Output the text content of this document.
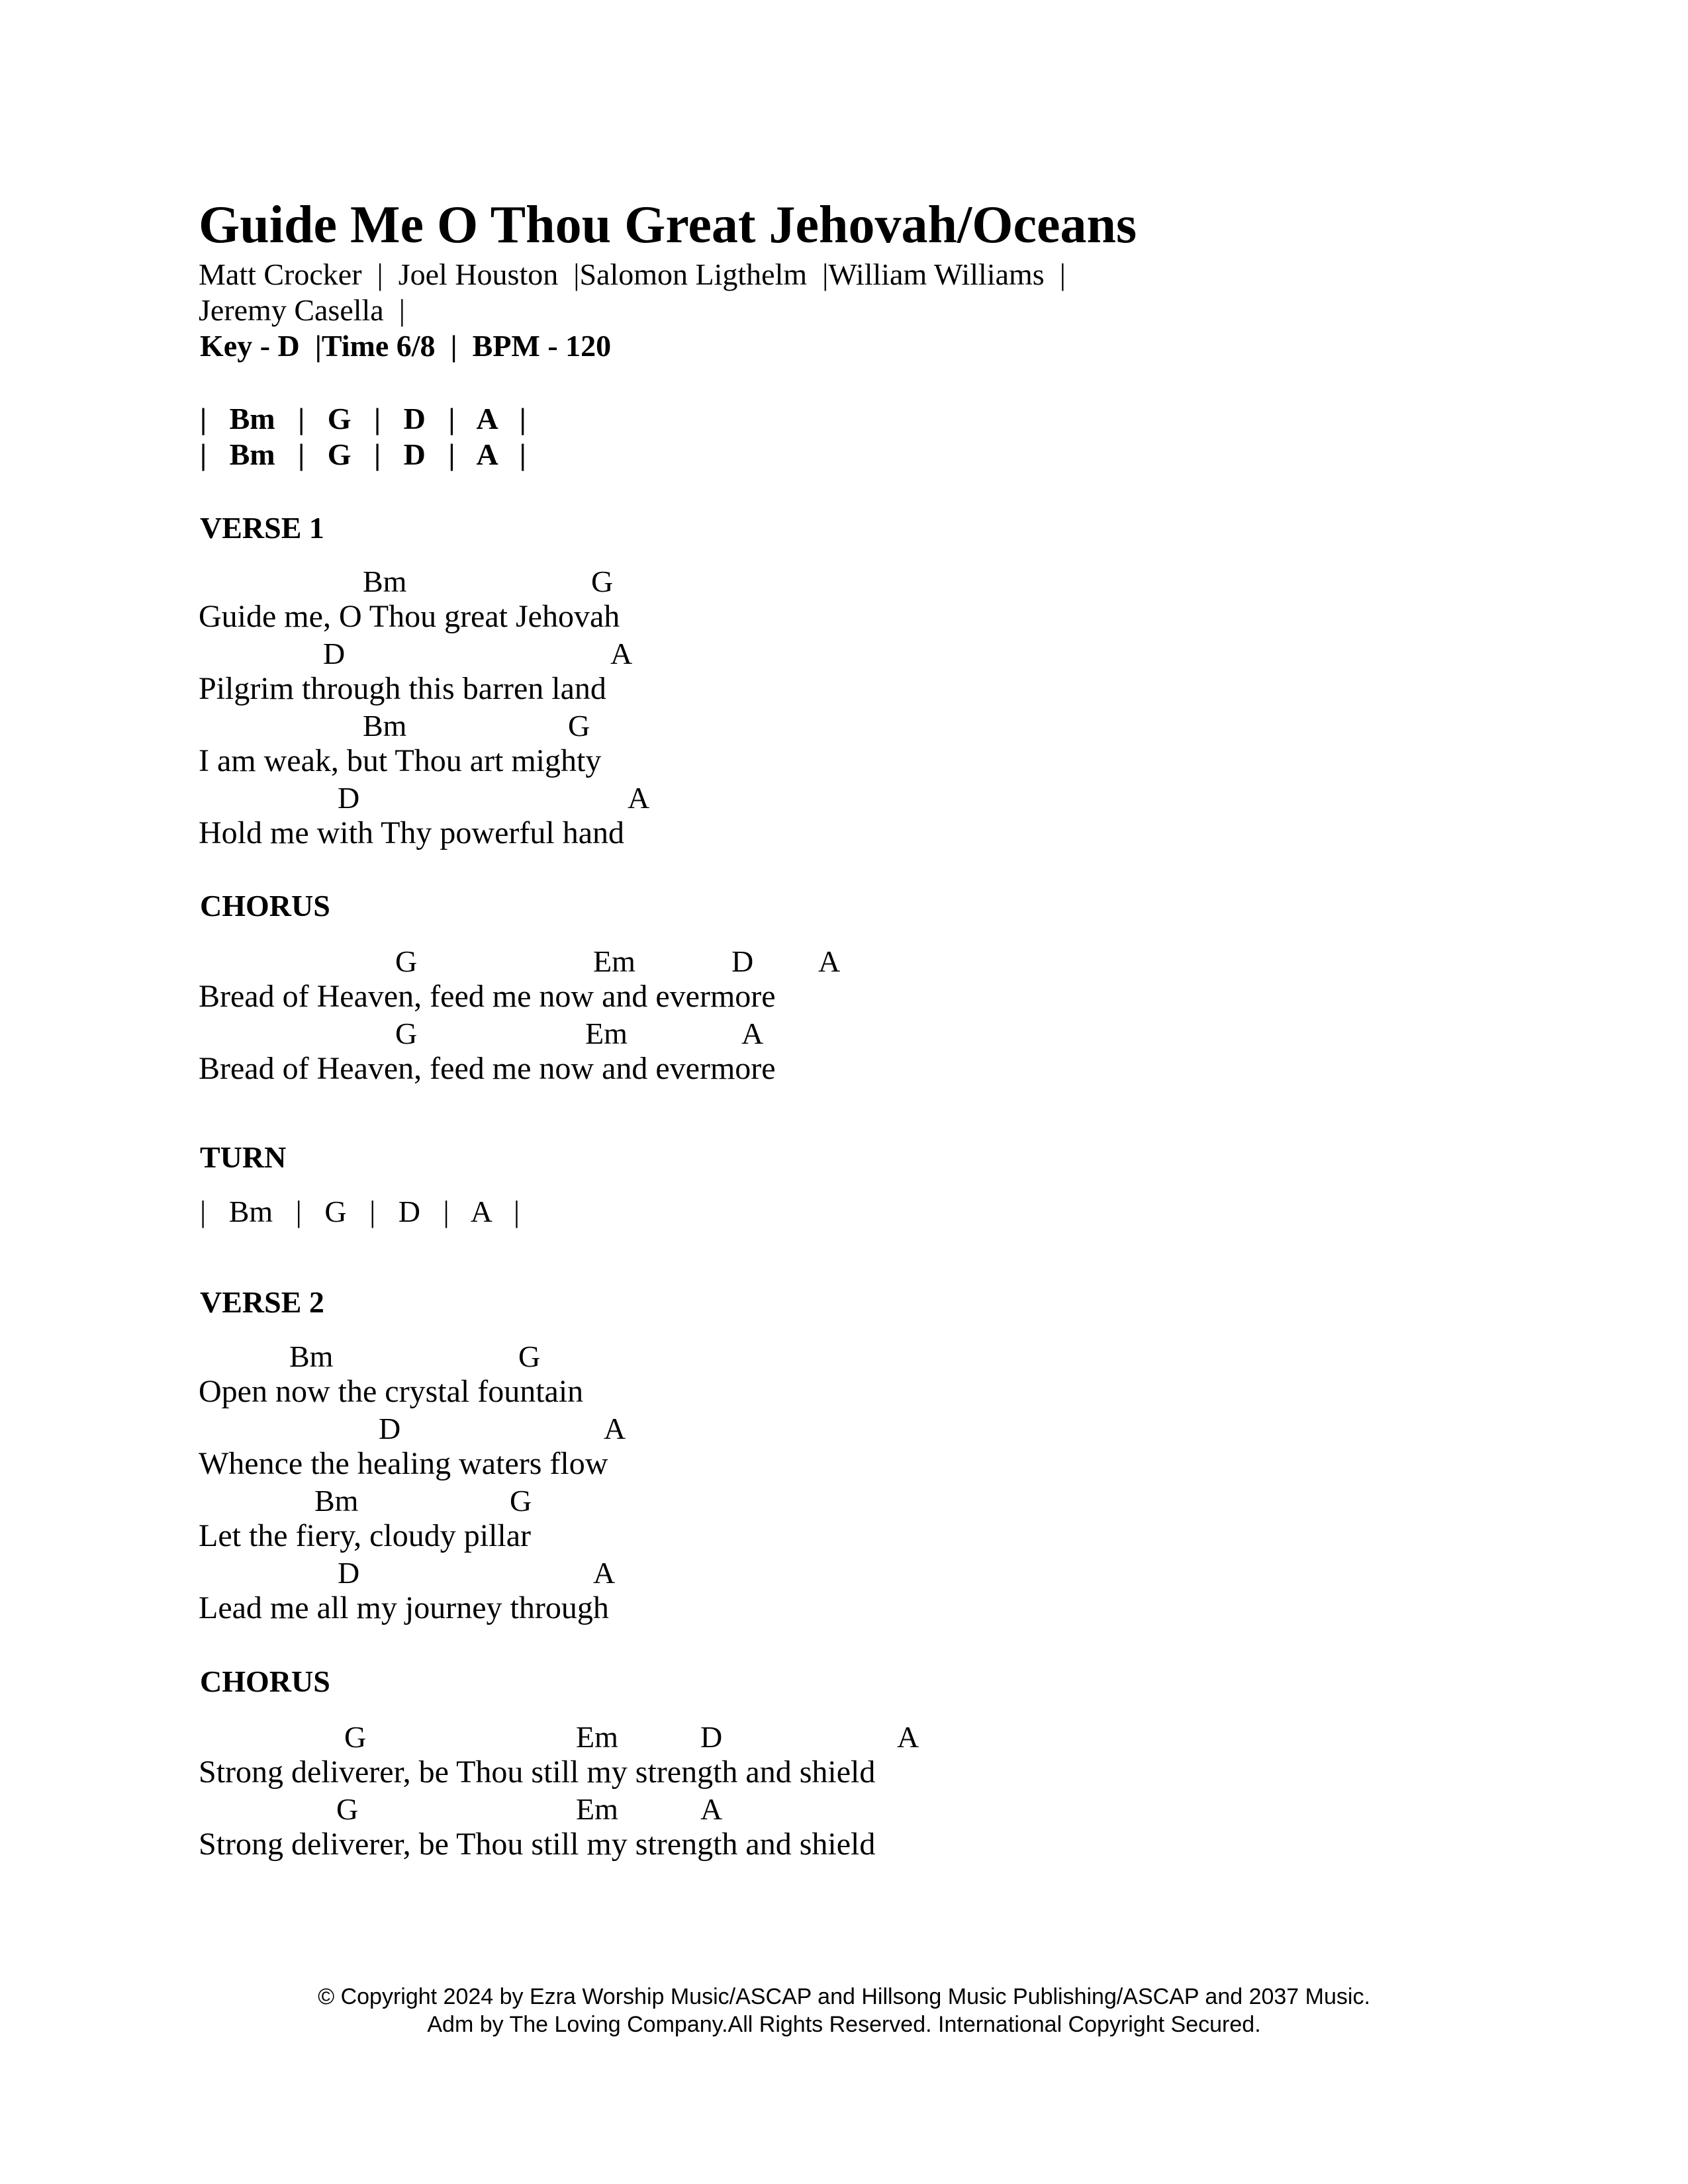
Guide Me O Thou Great Jehovah/Oceans
Matt Crocker  |  Joel Houston  |Salomon Ligthelm  |William Williams  |
Jeremy Casella  |
Key - D  |Time 6/8  |  BPM - 120
|   Bm   |   G   |   D   |   A   |
|   Bm   |   G   |   D   |   A   |
VERSE 1
Bm	G
Guide me, O Thou great Jehovah
D	A
Pilgrim through this barren land
Bm	G
I am weak, but Thou art mighty
D	A
Hold me with Thy powerful hand
CHORUS
G	Em	D A
Bread of Heaven, feed me now and evermore
G	Em	A
Bread of Heaven, feed me now and evermore
TURN
|   Bm   |   G   |   D   |   A   |
VERSE 2
Bm	G
Open now the crystal fountain
D	A
Whence the healing waters flow
Bm	G
Let the fiery, cloudy pillar
D	A
Lead me all my journey through
CHORUS
G	Em	D	A
Strong deliverer, be Thou still my strength and shield
G	Em	A
Strong deliverer, be Thou still my strength and shield
© Copyright 2024 by Ezra Worship Music/ASCAP and Hillsong Music Publishing/ASCAP and 2037 Music.
Adm by The Loving Company.All Rights Reserved. International Copyright Secured.
